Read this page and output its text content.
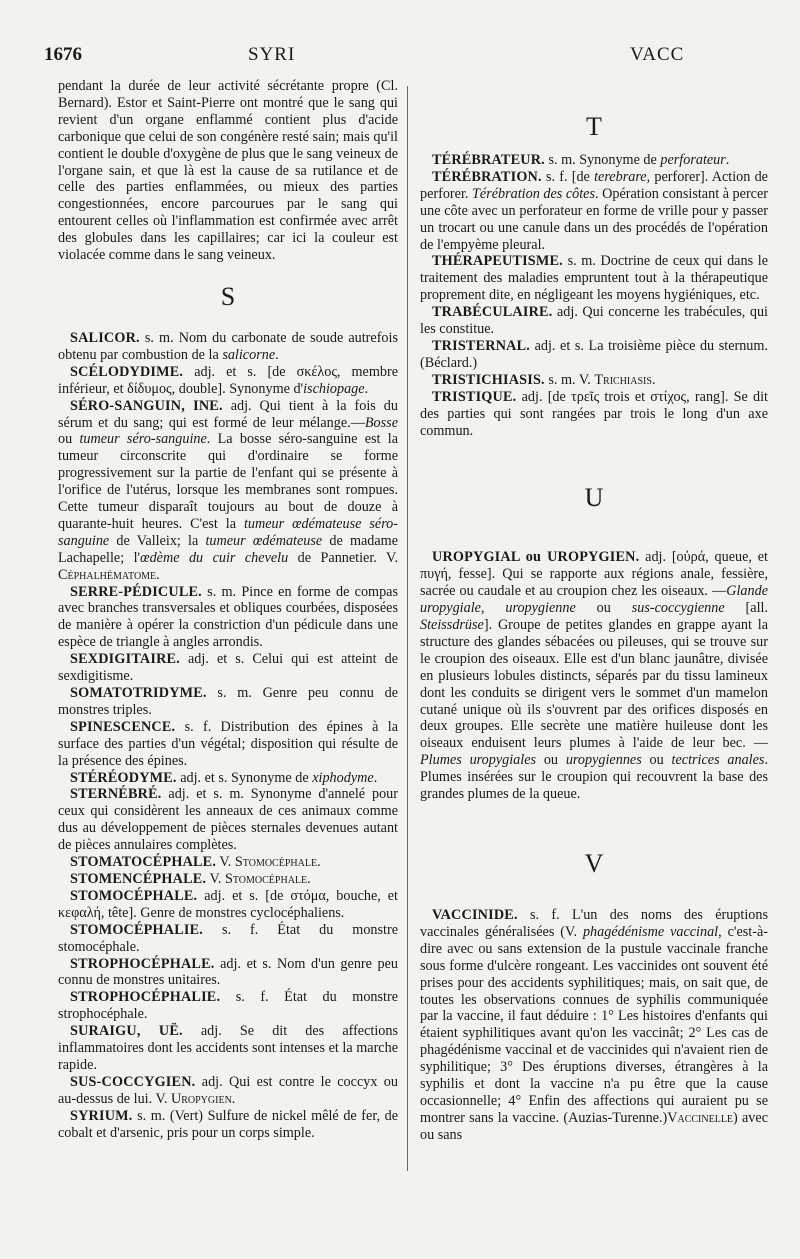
1676	SYRI	VACC

pendant la durée de leur activité sécrétante propre (Cl. Bernard). Estor et Saint-Pierre ont montré que le sang qui revient d'un organe enflammé contient plus d'acide carbonique que celui de son congénère resté sain; mais qu'il contient le double d'oxygène de plus que le sang veineux de l'organe sain, et que là est la cause de sa rutilance et de celle des parties enflammées, ou mieux des parties congestionnées, encore parcourues par le sang qui entourent celles où l'inflammation est confirmée avec arrêt des globules dans les capillaires; car ici la couleur est violacée comme dans le sang veineux.

S

SALICOR. s. m. Nom du carbonate de soude autrefois obtenu par combustion de la salicorne.

SCÉLODYDIME. adj. et s. [de σκέλος, membre inférieur, et δίδυμος, double]. Synonyme d'ischiopage.

SÉRO-SANGUIN, INE. adj. Qui tient à la fois du sérum et du sang; qui est formé de leur mélange.—Bosse ou tumeur séro-sanguine. La bosse séro-sanguine est la tumeur circonscrite qui d'ordinaire se forme progressivement sur la partie de l'enfant qui se présente à l'orifice de l'utérus, lorsque les membranes sont rompues. Cette tumeur disparaît toujours au bout de douze à quarante-huit heures. C'est la tumeur œdémateuse séro-sanguine de Valleix; la tumeur œdémateuse de madame Lachapelle; l'œdème du cuir chevelu de Pannetier. V. Céphalhématome.

SERRE-PÉDICULE. s. m. Pince en forme de compas avec branches transversales et obliques courbées, disposées de manière à opérer la constriction d'un pédicule dans une espèce de triangle à angles arrondis.

SEXDIGITAIRE. adj. et s. Celui qui est atteint de sexdigitisme.

SOMATOTRIDYME. s. m. Genre peu connu de monstres triples.

SPINESCENCE. s. f. Distribution des épines à la surface des parties d'un végétal; disposition qui résulte de la présence des épines.

STÉRÉODYME. adj. et s. Synonyme de xiphodyme.

STERNÉBRÉ. adj. et s. m. Synonyme d'annelé pour ceux qui considèrent les anneaux de ces animaux comme dus au développement de pièces sternales devenues autant de pièces annulaires complètes.

STOMATOCÉPHALE. V. Stomocéphale.

STOMENCÉPHALE. V. Stomocéphale.

STOMOCÉPHALE. adj. et s. [de στόμα, bouche, et κεφαλή, tête]. Genre de monstres cyclocéphaliens.

STOMOCÉPHALIE. s. f. État du monstre stomocéphale.

STROPHOCÉPHALE. adj. et s. Nom d'un genre peu connu de monstres unitaires.

STROPHOCÉPHALIE. s. f. État du monstre strophocéphale.

SURAIGU, UË. adj. Se dit des affections inflammatoires dont les accidents sont intenses et la marche rapide.

SUS-COCCYGIEN. adj. Qui est contre le coccyx ou au-dessus de lui. V. Uropygien.

SYRIUM. s. m. (Vert) Sulfure de nickel mêlé de fer, de cobalt et d'arsenic, pris pour un corps simple.

T

TÉRÉBRATEUR. s. m. Synonyme de perforateur.

TÉRÉBRATION. s. f. [de terebrare, perforer]. Action de perforer. Térébration des côtes. Opération consistant à percer une côte avec un perforateur en forme de vrille pour y passer un trocart ou une canule dans un des procédés de l'opération de l'empyème pleural.

THÉRAPEUTISME. s. m. Doctrine de ceux qui dans le traitement des maladies empruntent tout à la thérapeutique proprement dite, en négligeant les moyens hygiéniques, etc.

TRABÉCULAIRE. adj. Qui concerne les trabécules, qui les constitue.

TRISTERNAL. adj. et s. La troisième pièce du sternum. (Béclard.)

TRISTICHIASIS. s. m. V. Trichiasis.

TRISTIQUE. adj. [de τρεῖς trois et στίχος, rang]. Se dit des parties qui sont rangées par trois le long d'un axe commun.

U

UROPYGIAL ou UROPYGIEN. adj. [οὐρά, queue, et πυγή, fesse]. Qui se rapporte aux régions anale, fessière, sacrée ou caudale et au croupion chez les oiseaux. —Glande uropygiale, uropygienne ou sus-coccygienne [all. Steissdrüse]. Groupe de petites glandes en grappe ayant la structure des glandes sébacées ou pileuses, qui se trouve sur le croupion des oiseaux. Elle est d'un blanc jaunâtre, divisée en plusieurs lobules distincts, séparés par du tissu lamineux dont les conduits se dirigent vers le sommet d'un mamelon cutané unique où ils s'ouvrent par des orifices disposés en deux groupes. Elle secrète une matière huileuse dont les oiseaux enduisent leurs plumes à l'aide de leur bec. — Plumes uropygiales ou uropygiennes ou tectrices anales. Plumes insérées sur le croupion qui recouvrent la base des grandes plumes de la queue.

V

VACCINIDE. s. f. L'un des noms des éruptions vaccinales généralisées (V. phagédénisme vaccinal, c'est-à-dire avec ou sans extension de la pustule vaccinale franche sous forme d'ulcère rongeant. Les vaccinides ont souvent été prises pour des accidents syphilitiques; mais, on sait que, de toutes les observations connues de syphilis communiquée par la vaccine, il faut déduire : 1° Les histoires d'enfants qui étaient syphilitiques avant qu'on les vaccinât; 2° Les cas de phagédénisme vaccinal et de vaccinides qui n'avaient rien de syphilitique; 3° Des éruptions diverses, étrangères à la syphilis et dont la vaccine n'a pu être que la cause occasionnelle; 4° Enfin des affections qui auraient pu se montrer sans la vaccine. (Auzias-Turenne.)Vaccinelle) avec ou sans
